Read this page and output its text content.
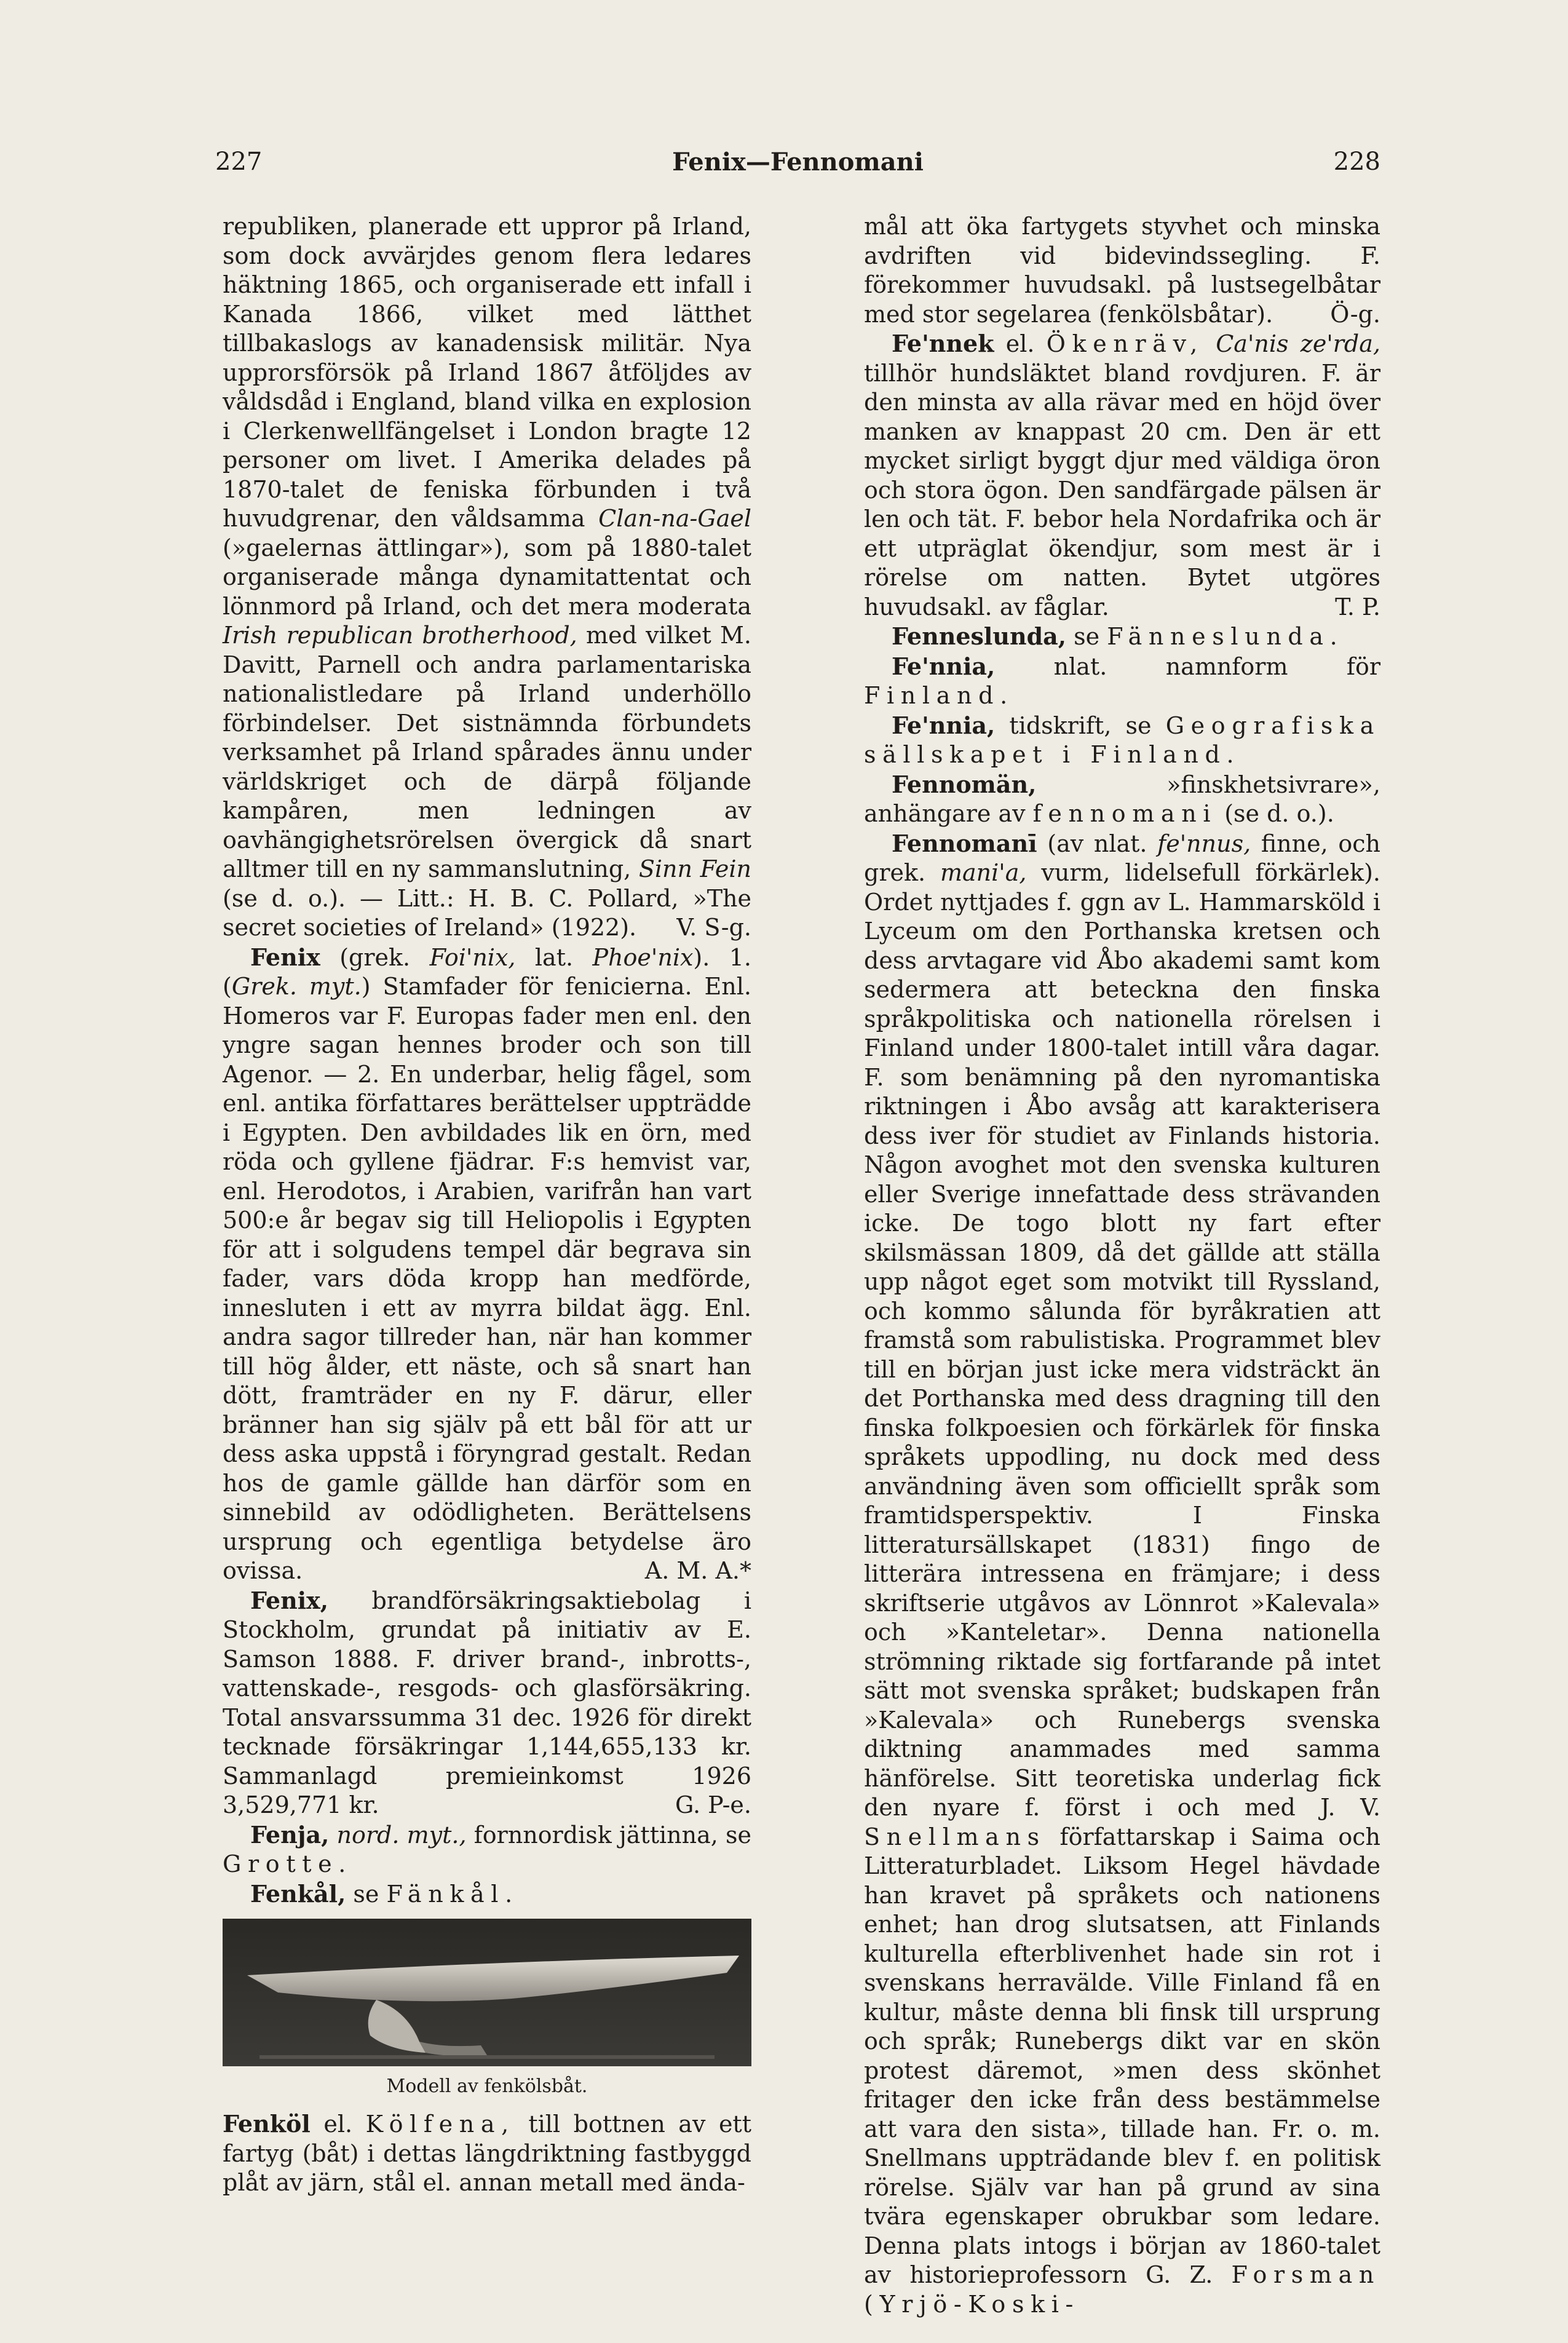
227	Fenix—Fennomani	228

republiken, planerade ett uppror på Irland, som dock avvärjdes genom flera ledares häktning 1865, och organiserade ett infall i Kanada 1866, vilket med lätthet tillbakaslogs av kanadensisk militär. Nya upprorsförsök på Irland 1867 åtföljdes av våldsdåd i England, bland vilka en explosion i Clerkenwellfängelset i London bragte 12 personer om livet. I Amerika delades på 1870-talet de feniska förbunden i två huvudgrenar, den våldsamma Clan-na-Gael (»gaelernas ättlingar»), som på 1880-talet organiserade många dynamitattentat och lönnmord på Irland, och det mera moderata Irish republican brotherhood, med vilket M. Davitt, Parnell och andra parlamentariska nationalistledare på Irland underhöllo förbindelser. Det sistnämnda förbundets verksamhet på Irland spårades ännu under världskriget och de därpå följande kampåren, men ledningen av oavhängighetsrörelsen övergick då snart alltmer till en ny sammanslutning, Sinn Fein (se d. o.). — Litt.: H. B. C. Pollard, »The secret societies of Ireland» (1922). V. S-g.

Fenix (grek. Foi'nix, lat. Phoe'nix). 1. (Grek. myt.) Stamfader för fenicierna. Enl. Homeros var F. Europas fader men enl. den yngre sagan hennes broder och son till Agenor. — 2. En underbar, helig fågel, som enl. antika författares berättelser uppträdde i Egypten. Den avbildades lik en örn, med röda och gyllene fjädrar. F:s hemvist var, enl. Herodotos, i Arabien, varifrån han vart 500:e år begav sig till Heliopolis i Egypten för att i solgudens tempel där begrava sin fader, vars döda kropp han medförde, innesluten i ett av myrra bildat ägg. Enl. andra sagor tillreder han, när han kommer till hög ålder, ett näste, och så snart han dött, framträder en ny F. därur, eller bränner han sig själv på ett bål för att ur dess aska uppstå i föryngrad gestalt. Redan hos de gamle gällde han därför som en sinnebild av odödligheten. Berättelsens ursprung och egentliga betydelse äro ovissa.	A. M. A.*

Fenix, brandförsäkringsaktiebolag i Stockholm, grundat på initiativ av E. Samson 1888. F. driver brand-, inbrotts-, vattenskade-, resgods- och glasförsäkring. Total ansvarssumma 31 dec. 1926 för direkt tecknade försäkringar 1,144,655,133 kr. Sammanlagd premieinkomst 1926 3,529,771 kr.	G. P-e.

Fenja, nord. myt., fornnordisk jättinna, se Grotte.

Fenkål, se Fänkål.

Modell av fenkölsbåt.

Fenköl el. Kölfena, till bottnen av ett fartyg (båt) i dettas längdriktning fastbyggd plåt av järn, stål el. annan metall med ända-

mål att öka fartygets styvhet och minska avdriften vid bidevindssegling. F. förekommer huvudsakl. på lustsegelbåtar med stor segelarea (fenkölsbåtar). Ö-g.

Fe'nnek el. Ökenräv, Ca'nis ze'rda, tillhör hundsläktet bland rovdjuren. F. är den minsta av alla rävar med en höjd över manken av knappast 20 cm. Den är ett mycket sirligt byggt djur med väldiga öron och stora ögon. Den sandfärgade pälsen är len och tät. F. bebor hela Nordafrika och är ett utpräglat ökendjur, som mest är i rörelse om natten. Bytet utgöres huvudsakl. av fåglar.	T. P.

Fenneslunda, se Fänneslunda.

Fe'nnia, nlat. namnform för Finland.

Fe'nnia, tidskrift, se Geografiska sällskapet i Finland.

Fennomän, »finskhetsivrare», anhängare av fennomani (se d. o.).

Fennomanī (av nlat. fe'nnus, finne, och grek. mani'a, vurm, lidelsefull förkärlek). Ordet nyttjades f. ggn av L. Hammarsköld i Lyceum om den Porthanska kretsen och dess arvtagare vid Åbo akademi samt kom sedermera att beteckna den finska språkpolitiska och nationella rörelsen i Finland under 1800-talet intill våra dagar. F. som benämning på den nyromantiska riktningen i Åbo avsåg att karakterisera dess iver för studiet av Finlands historia. Någon avoghet mot den svenska kulturen eller Sverige innefattade dess strävanden icke. De togo blott ny fart efter skilsmässan 1809, då det gällde att ställa upp något eget som motvikt till Ryssland, och kommo sålunda för byråkratien att framstå som rabulistiska. Programmet blev till en början just icke mera vidsträckt än det Porthanska med dess dragning till den finska folkpoesien och förkärlek för finska språkets uppodling, nu dock med dess användning även som officiellt språk som framtidsperspektiv. I Finska litteratursällskapet (1831) fingo de litterära intressena en främjare; i dess skriftserie utgåvos av Lönnrot »Kalevala» och »Kanteletar». Denna nationella strömning riktade sig fortfarande på intet sätt mot svenska språket; budskapen från »Kalevala» och Runebergs svenska diktning anammades med samma hänförelse. Sitt teoretiska underlag fick den nyare f. först i och med J. V. Snellmans författarskap i Saima och Litteraturbladet. Liksom Hegel hävdade han kravet på språkets och nationens enhet; han drog slutsatsen, att Finlands kulturella efterblivenhet hade sin rot i svenskans herravälde. Ville Finland få en kultur, måste denna bli finsk till ursprung och språk; Runebergs dikt var en skön protest däremot, »men dess skönhet fritager den icke från dess bestämmelse att vara den sista», tillade han. Fr. o. m. Snellmans uppträdande blev f. en politisk rörelse. Själv var han på grund av sina tvära egenskaper obrukbar som ledare. Denna plats intogs i början av 1860-talet av historieprofessorn G. Z. Forsman (Yrjö-Koski-
